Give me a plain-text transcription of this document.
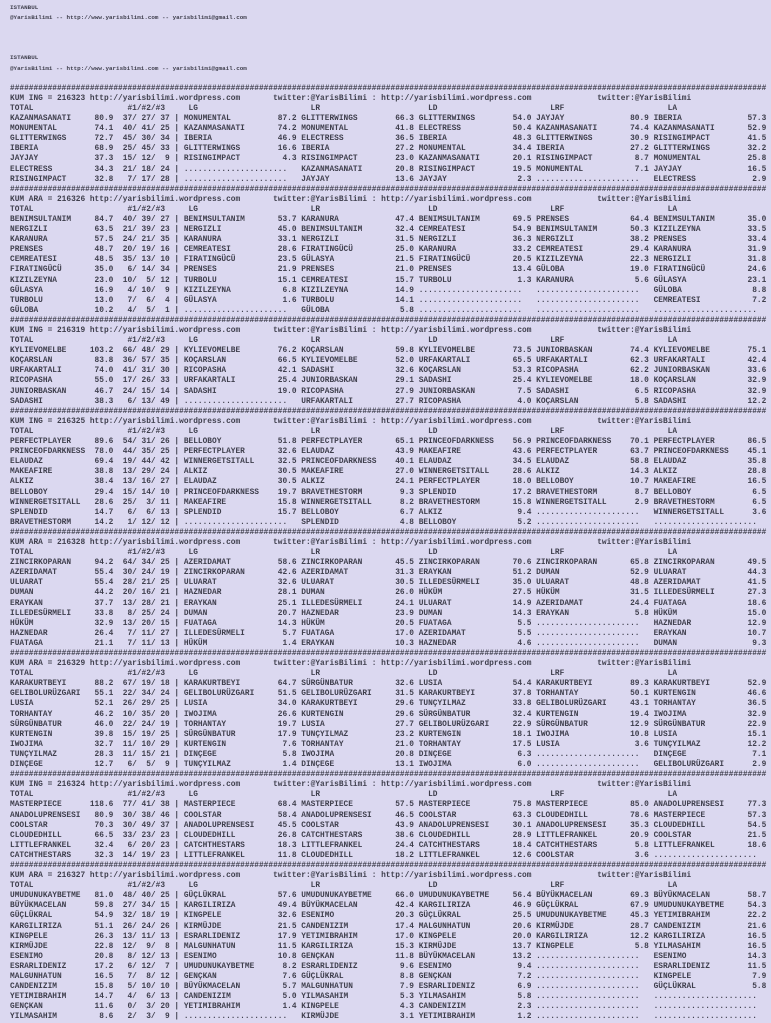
ISTANBUL
@YarisBilimi -- http://www.yarisbilimi.com -- yarisbilimi@gmail.com
ISTANBUL
@YarisBilimi -- http://www.yarisbilimi.com -- yarisbilimi@gmail.com
#################################################################################################################################################################
KUM ING = 216323 http://yarisbilimi.wordpress.com       twitter:@YarisBilimi : http://yarisbilimi.wordpress.com              twitter:@YarisBilimi
TOTAL                    #1/#2/#3     LG                        LR                       LD                        LRF                      LA
KAZANMASANATI     80.9  37/ 27/ 37 | MONUMENTAL          87.2 GLITTERWINGS        66.3 GLITTERWINGS        54.0 JAYJAY              80.9 IBERIA              57.3
MONUMENTAL        74.1  40/ 41/ 25 | KAZANMASANATI       74.2 MONUMENTAL          41.8 ELECTRESS           50.4 KAZANMASANATI       74.4 KAZANMASANATI       52.9
GLITTERWINGS      72.7  45/ 30/ 34 | IBERIA              46.9 ELECTRESS           36.5 IBERIA              48.3 GLITTERWINGS        30.9 RISINGIMPACT        41.5
IBERIA            68.9  25/ 45/ 33 | GLITTERWINGS        16.6 IBERIA              27.2 MONUMENTAL          34.4 IBERIA              27.2 GLITTERWINGS        32.2
JAYJAY            37.3  15/ 12/  9 | RISINGIMPACT         4.3 RISINGIMPACT        23.0 KAZANMASANATI       20.1 RISINGIMPACT         8.7 MONUMENTAL          25.8
ELECTRESS         34.3  21/ 18/ 24 | ......................   KAZANMASANATI       20.8 RISINGIMPACT        19.5 MONUMENTAL           7.1 JAYJAY              16.5
RISINGIMPACT      32.8   7/ 17/ 28 | ......................   JAYJAY              13.6 JAYJAY               2.3 ......................   ELECTRESS            2.9
#################################################################################################################################################################
KUM ARA = 216326 http://yarisbilimi.wordpress.com       twitter:@YarisBilimi : http://yarisbilimi.wordpress.com              twitter:@YarisBilimi
TOTAL                    #1/#2/#3     LG                        LR                       LD                        LRF                      LA
BENIMSULTANIM     84.7  40/ 39/ 27 | BENIMSULTANIM       53.7 KARANURA            47.4 BENIMSULTANIM       69.5 PRENSES             64.4 BENIMSULTANIM       35.0
NERGIZLI          63.5  21/ 39/ 23 | NERGIZLI            45.0 BENIMSULTANIM       32.4 CEMREATESI          54.9 BENIMSULTANIM       50.3 KIZILZEYNA          33.5
KARANURA          57.5  24/ 21/ 35 | KARANURA            33.1 NERGIZLI            31.5 NERGIZLI            36.3 NERGIZLI            38.2 PRENSES             33.4
PRENSES           48.7  20/ 19/ 16 | CEMREATESI          28.6 FIRATINGÜCÜ         25.0 KARANURA            33.2 CEMREATESI          29.4 KARANURA            31.9
CEMREATESI        48.5  35/ 13/ 10 | FIRATINGÜCÜ         23.5 GÜLASYA             21.5 FIRATINGÜCÜ         20.5 KIZILZEYNA          22.3 NERGIZLI            31.8
FIRATINGÜCÜ       35.0   6/ 14/ 34 | PRENSES             21.9 PRENSES             21.0 PRENSES             13.4 GÜLOBA              19.0 FIRATINGÜCÜ         24.6
KIZILZEYNA        23.0  10/  5/ 12 | TURBOLU             15.1 CEMREATESI          15.7 TURBOLU              1.3 KARANURA             5.6 GÜLASYA             23.1
GÜLASYA           16.9   4/ 10/  9 | KIZILZEYNA           6.8 KIZILZEYNA          14.9 ......................   ......................   GÜLOBA               8.8
TURBOLU           13.0   7/  6/  4 | GÜLASYA              1.6 TURBOLU             14.1 ......................   ......................   CEMREATESI           7.2
GÜLOBA            10.2   4/  5/  1 | ......................   GÜLOBA               5.8 ......................   ......................   ......................
#################################################################################################################################################################
KUM ING = 216319 http://yarisbilimi.wordpress.com       twitter:@YarisBilimi : http://yarisbilimi.wordpress.com              twitter:@YarisBilimi
TOTAL                    #1/#2/#3     LG                        LR                       LD                        LRF                      LA
KYLIEVOMELBE     103.2  66/ 48/ 29 | KYLIEVOMELBE        76.2 KOÇARSLAN           59.8 KYLIEVOMELBE        73.5 JUNIORBASKAN        74.4 KYLIEVOMELBE        75.1
KOÇARSLAN         83.8  36/ 57/ 35 | KOÇARSLAN           66.5 KYLIEVOMELBE        52.0 URFAKARTALI         65.5 URFAKARTALI         62.3 URFAKARTALI         42.4
URFAKARTALI       74.0  41/ 31/ 30 | RICOPASHA           42.1 SADASHI             32.6 KOÇARSLAN           53.3 RICOPASHA           62.2 JUNIORBASKAN        33.6
RICOPASHA         55.0  17/ 26/ 33 | URFAKARTALI         25.4 JUNIORBASKAN        29.1 SADASHI             25.4 KYLIEVOMELBE        18.0 KOÇARSLAN           32.9
JUNIORBASKAN      46.7  24/ 15/ 14 | SADASHI             19.0 RICOPASHA           27.9 JUNIORBASKAN         7.5 SADASHI              6.5 RICOPASHA           32.9
SADASHI           38.3   6/ 13/ 49 | ......................   URFAKARTALI         27.7 RICOPASHA            4.0 KOÇARSLAN            5.8 SADASHI             12.2
#################################################################################################################################################################
KUM ING = 216325 http://yarisbilimi.wordpress.com       twitter:@YarisBilimi : http://yarisbilimi.wordpress.com              twitter:@YarisBilimi
TOTAL                    #1/#2/#3     LG                        LR                       LD                        LRF                      LA
PERFECTPLAYER     89.6  54/ 31/ 26 | BELLOBOY            51.8 PERFECTPLAYER       65.1 PRINCEOFDARKNESS    56.9 PRINCEOFDARKNESS    70.1 PERFECTPLAYER       86.5
PRINCEOFDARKNESS  78.0  44/ 35/ 25 | PERFECTPLAYER       32.6 ELAUDAZ             43.9 MAKEAFIRE           43.6 PERFECTPLAYER       63.7 PRINCEOFDARKNESS    45.1
ELAUDAZ           69.4  19/ 44/ 42 | WINNERGETSITALL     32.5 PRINCEOFDARKNESS    40.1 ELAUDAZ             34.5 ELAUDAZ             58.8 ELAUDAZ             35.8
MAKEAFIRE         38.8  13/ 29/ 24 | ALKIZ               30.5 MAKEAFIRE           27.0 WINNERGETSITALL     28.6 ALKIZ               14.3 ALKIZ               28.8
ALKIZ             38.4  13/ 16/ 27 | ELAUDAZ             30.5 ALKIZ               24.1 PERFECTPLAYER       18.0 BELLOBOY            10.7 MAKEAFIRE           16.5
BELLOBOY          29.4  15/ 14/ 10 | PRINCEOFDARKNESS    19.7 BRAVETHESTORM        9.3 SPLENDID            17.2 BRAVETHESTORM        8.7 BELLOBOY             6.5
WINNERGETSITALL   28.6  25/  3/ 11 | MAKEAFIRE           15.8 WINNERGETSITALL      8.2 BRAVETHESTORM       15.8 WINNERGETSITALL      2.9 BRAVETHESTORM        6.5
SPLENDID          14.7   6/  6/ 13 | SPLENDID            15.7 BELLOBOY             6.7 ALKIZ                9.4 ......................   WINNERGETSITALL      3.6
BRAVETHESTORM     14.2   1/ 12/ 12 | ......................   SPLENDID             4.8 BELLOBOY             5.2 ......................   ......................
#################################################################################################################################################################
KUM ARA = 216328 http://yarisbilimi.wordpress.com       twitter:@YarisBilimi : http://yarisbilimi.wordpress.com              twitter:@YarisBilimi
TOTAL                    #1/#2/#3     LG                        LR                       LD                        LRF                      LA
ZINCIRKOPARAN     94.2  64/ 34/ 25 | AZERIDAMAT          58.6 ZINCIRKOPARAN       45.5 ZINCIRKOPARAN       70.6 ZINCIRKOPARAN       65.8 ZINCIRKOPARAN       49.5
AZERIDAMAT        55.4  30/ 24/ 19 | ZINCIRKOPARAN       42.6 AZERIDAMAT          31.3 ERAYKAN             51.2 DUMAN               52.9 ULUARAT             44.3
ULUARAT           55.4  28/ 21/ 25 | ULUARAT             32.6 ULUARAT             30.5 ILLEDESÜRMELI       35.0 ULUARAT             48.8 AZERIDAMAT          41.5
DUMAN             44.2  20/ 16/ 21 | HAZNEDAR            28.1 DUMAN               26.0 HÜKÜM               27.5 HÜKÜM               31.5 ILLEDESÜRMELI       27.3
ERAYKAN           37.7  13/ 28/ 21 | ERAYKAN             25.1 ILLEDESÜRMELI       24.1 ULUARAT             14.9 AZERIDAMAT          24.4 FUATAGA             18.6
ILLEDESÜRMELI     33.8   8/ 25/ 24 | DUMAN               20.7 HAZNEDAR            23.9 DUMAN               14.3 ERAYKAN              5.8 HÜKÜM               15.0
HÜKÜM             32.9  13/ 20/ 15 | FUATAGA             14.3 HÜKÜM               20.5 FUATAGA              5.5 ......................   HAZNEDAR            12.9
HAZNEDAR          26.4   7/ 11/ 27 | ILLEDESÜRMELI        5.7 FUATAGA             17.0 AZERIDAMAT           5.5 ......................   ERAYKAN             10.7
FUATAGA           21.1   7/ 11/ 13 | HÜKÜM                1.4 ERAYKAN             10.3 HAZNEDAR             4.6 ......................   DUMAN                9.3
#################################################################################################################################################################
KUM ARA = 216329 http://yarisbilimi.wordpress.com       twitter:@YarisBilimi : http://yarisbilimi.wordpress.com              twitter:@YarisBilimi
TOTAL                    #1/#2/#3     LG                        LR                       LD                        LRF                      LA
KARAKURTBEYI      88.2  67/ 19/ 18 | KARAKURTBEYI        64.7 SÜRGÜNBATUR         32.6 LUSIA               54.4 KARAKURTBEYI        89.3 KARAKURTBEYI        52.9
GELIBOLURÜZGARI   55.1  22/ 34/ 24 | GELIBOLURÜZGARI     51.5 GELIBOLURÜZGARI     31.5 KARAKURTBEYI        37.8 TORHANTAY           50.1 KURTENGIN           46.6
LUSIA             52.1  26/ 29/ 25 | LUSIA               34.0 KARAKURTBEYI        29.6 TUNÇYILMAZ          33.8 GELIBOLURÜZGARI     43.1 TORHANTAY           36.5
TORHANTAY         46.2  10/ 35/ 20 | IWOJIMA             26.6 KURTENGIN           29.6 SÜRGÜNBATUR         32.4 KURTENGIN           19.4 IWOJIMA             32.9
SÜRGÜNBATUR       46.0  22/ 24/ 19 | TORHANTAY           19.7 LUSIA               27.7 GELIBOLURÜZGARI     22.9 SÜRGÜNBATUR         12.9 SÜRGÜNBATUR         22.9
KURTENGIN         39.8  15/ 19/ 25 | SÜRGÜNBATUR         17.9 TUNÇYILMAZ          23.2 KURTENGIN           18.1 IWOJIMA             10.8 LUSIA               15.1
IWOJIMA           32.7  11/ 10/ 29 | KURTENGIN            7.6 TORHANTAY           21.0 TORHANTAY           17.5 LUSIA                3.6 TUNÇYILMAZ          12.2
TUNÇYILMAZ        28.3  11/ 15/ 21 | DINÇEGE              5.8 IWOJIMA             20.8 DINÇEGE              6.3 ......................   DINÇEGE              7.1
DINÇEGE           12.7   6/  5/  9 | TUNÇYILMAZ           1.4 DINÇEGE             13.1 IWOJIMA              6.0 ......................   GELIBOLURÜZGARI      2.9
#################################################################################################################################################################
KUM ING = 216324 http://yarisbilimi.wordpress.com       twitter:@YarisBilimi : http://yarisbilimi.wordpress.com              twitter:@YarisBilimi
TOTAL                    #1/#2/#3     LG                        LR                       LD                        LRF                      LA
MASTERPIECE      118.6  77/ 41/ 38 | MASTERPIECE         68.4 MASTERPIECE         57.5 MASTERPIECE         75.8 MASTERPIECE         85.0 ANADOLUPRENSESI     77.3
ANADOLUPRENSESI   80.9  30/ 38/ 46 | COOLSTAR            58.4 ANADOLUPRENSESI     46.5 COOLSTAR            63.3 CLOUDEDHILL         78.6 MASTERPIECE         57.3
COOLSTAR          70.3  30/ 49/ 37 | ANADOLUPRENSESI     45.5 COOLSTAR            43.9 ANADOLUPRENSESI     30.1 ANADOLUPRENSESI     35.3 CLOUDEDHILL         54.5
CLOUDEDHILL       66.5  33/ 23/ 23 | CLOUDEDHILL         26.8 CATCHTHESTARS       38.6 CLOUDEDHILL         28.9 LITTLEFRANKEL       20.9 COOLSTAR            21.5
LITTLEFRANKEL     32.4   6/ 20/ 23 | CATCHTHESTARS       18.3 LITTLEFRANKEL       24.4 CATCHTHESTARS       18.4 CATCHTHESTARS        5.8 LITTLEFRANKEL       18.6
CATCHTHESTARS     32.3  14/ 19/ 23 | LITTLEFRANKEL       11.8 CLOUDEDHILL         18.2 LITTLEFRANKEL       12.6 COOLSTAR             3.6 ......................
#################################################################################################################################################################
KUM ARA = 216327 http://yarisbilimi.wordpress.com       twitter:@YarisBilimi : http://yarisbilimi.wordpress.com              twitter:@YarisBilimi
TOTAL                    #1/#2/#3     LG                        LR                       LD                        LRF                      LA
UMUDUNUKAYBETME   81.0  48/ 40/ 25 | GÜÇLÜKRAL           57.6 UMUDUNUKAYBETME     66.0 UMUDUNUKAYBETME     56.4 BÜYÜKMACELAN        69.3 BÜYÜKMACELAN        58.7
BÜYÜKMACELAN      59.8  27/ 34/ 15 | KARGILIRIZA         49.4 BÜYÜKMACELAN        42.4 KARGILIRIZA         46.9 GÜÇLÜKRAL           67.9 UMUDUNUKAYBETME     54.3
GÜÇLÜKRAL         54.9  32/ 18/ 19 | KINGPELE            32.6 ESENIMO             20.3 GÜÇLÜKRAL           25.5 UMUDUNUKAYBETME     45.3 YETIMIBRAHIM        22.2
KARGILIRIZA       51.1  26/ 24/ 26 | KIRMÜJDE            21.5 CANDENIZIM          17.4 MALGUNHATUN         20.6 KIRMÜJDE            28.7 CANDENIZIM          21.6
KINGPELE          26.3  13/ 11/ 13 | ESRARLIDENIZ        17.9 YETIMIBRAHIM        17.0 KINGPELE            20.0 KARGILIRIZA         12.2 KARGILIRIZA         16.5
KIRMÜJDE          22.8  12/  9/  8 | MALGUNHATUN         11.5 KARGILIRIZA         15.3 KIRMÜJDE            13.7 KINGPELE             5.8 YILMASAHIM          16.5
ESENIMO           20.8   8/ 12/ 13 | ESENIMO             10.8 GENÇKAN             11.8 BÜYÜKMACELAN        13.2 ......................   ESENIMO             14.3
ESRARLIDENIZ      17.2   6/ 12/  7 | UMUDUNUKAYBETME      8.2 ESRARLIDENIZ         9.6 ESENIMO              9.4 ......................   ESRARLIDENIZ        11.5
MALGUNHATUN       16.5   7/  8/ 12 | GENÇKAN              7.6 GÜÇLÜKRAL            8.8 GENÇKAN              7.2 ......................   KINGPELE             7.9
CANDENIZIM        15.8   5/ 10/ 10 | BÜYÜKMACELAN         5.7 MALGUNHATUN          7.9 ESRARLIDENIZ         6.9 ......................   GÜÇLÜKRAL            5.8
YETIMIBRAHIM      14.7   4/  6/ 13 | CANDENIZIM           5.0 YILMASAHIM           5.3 YILMASAHIM           5.8 ......................   ......................
GENÇKAN           11.6   0/  3/ 20 | YETIMIBRAHIM         1.4 KINGPELE             4.3 CANDENIZIM           2.3 ......................   ......................
YILMASAHIM         8.6   2/  3/  9 | ......................   KIRMÜJDE             3.1 YETIMIBRAHIM         1.2 ......................   ......................
